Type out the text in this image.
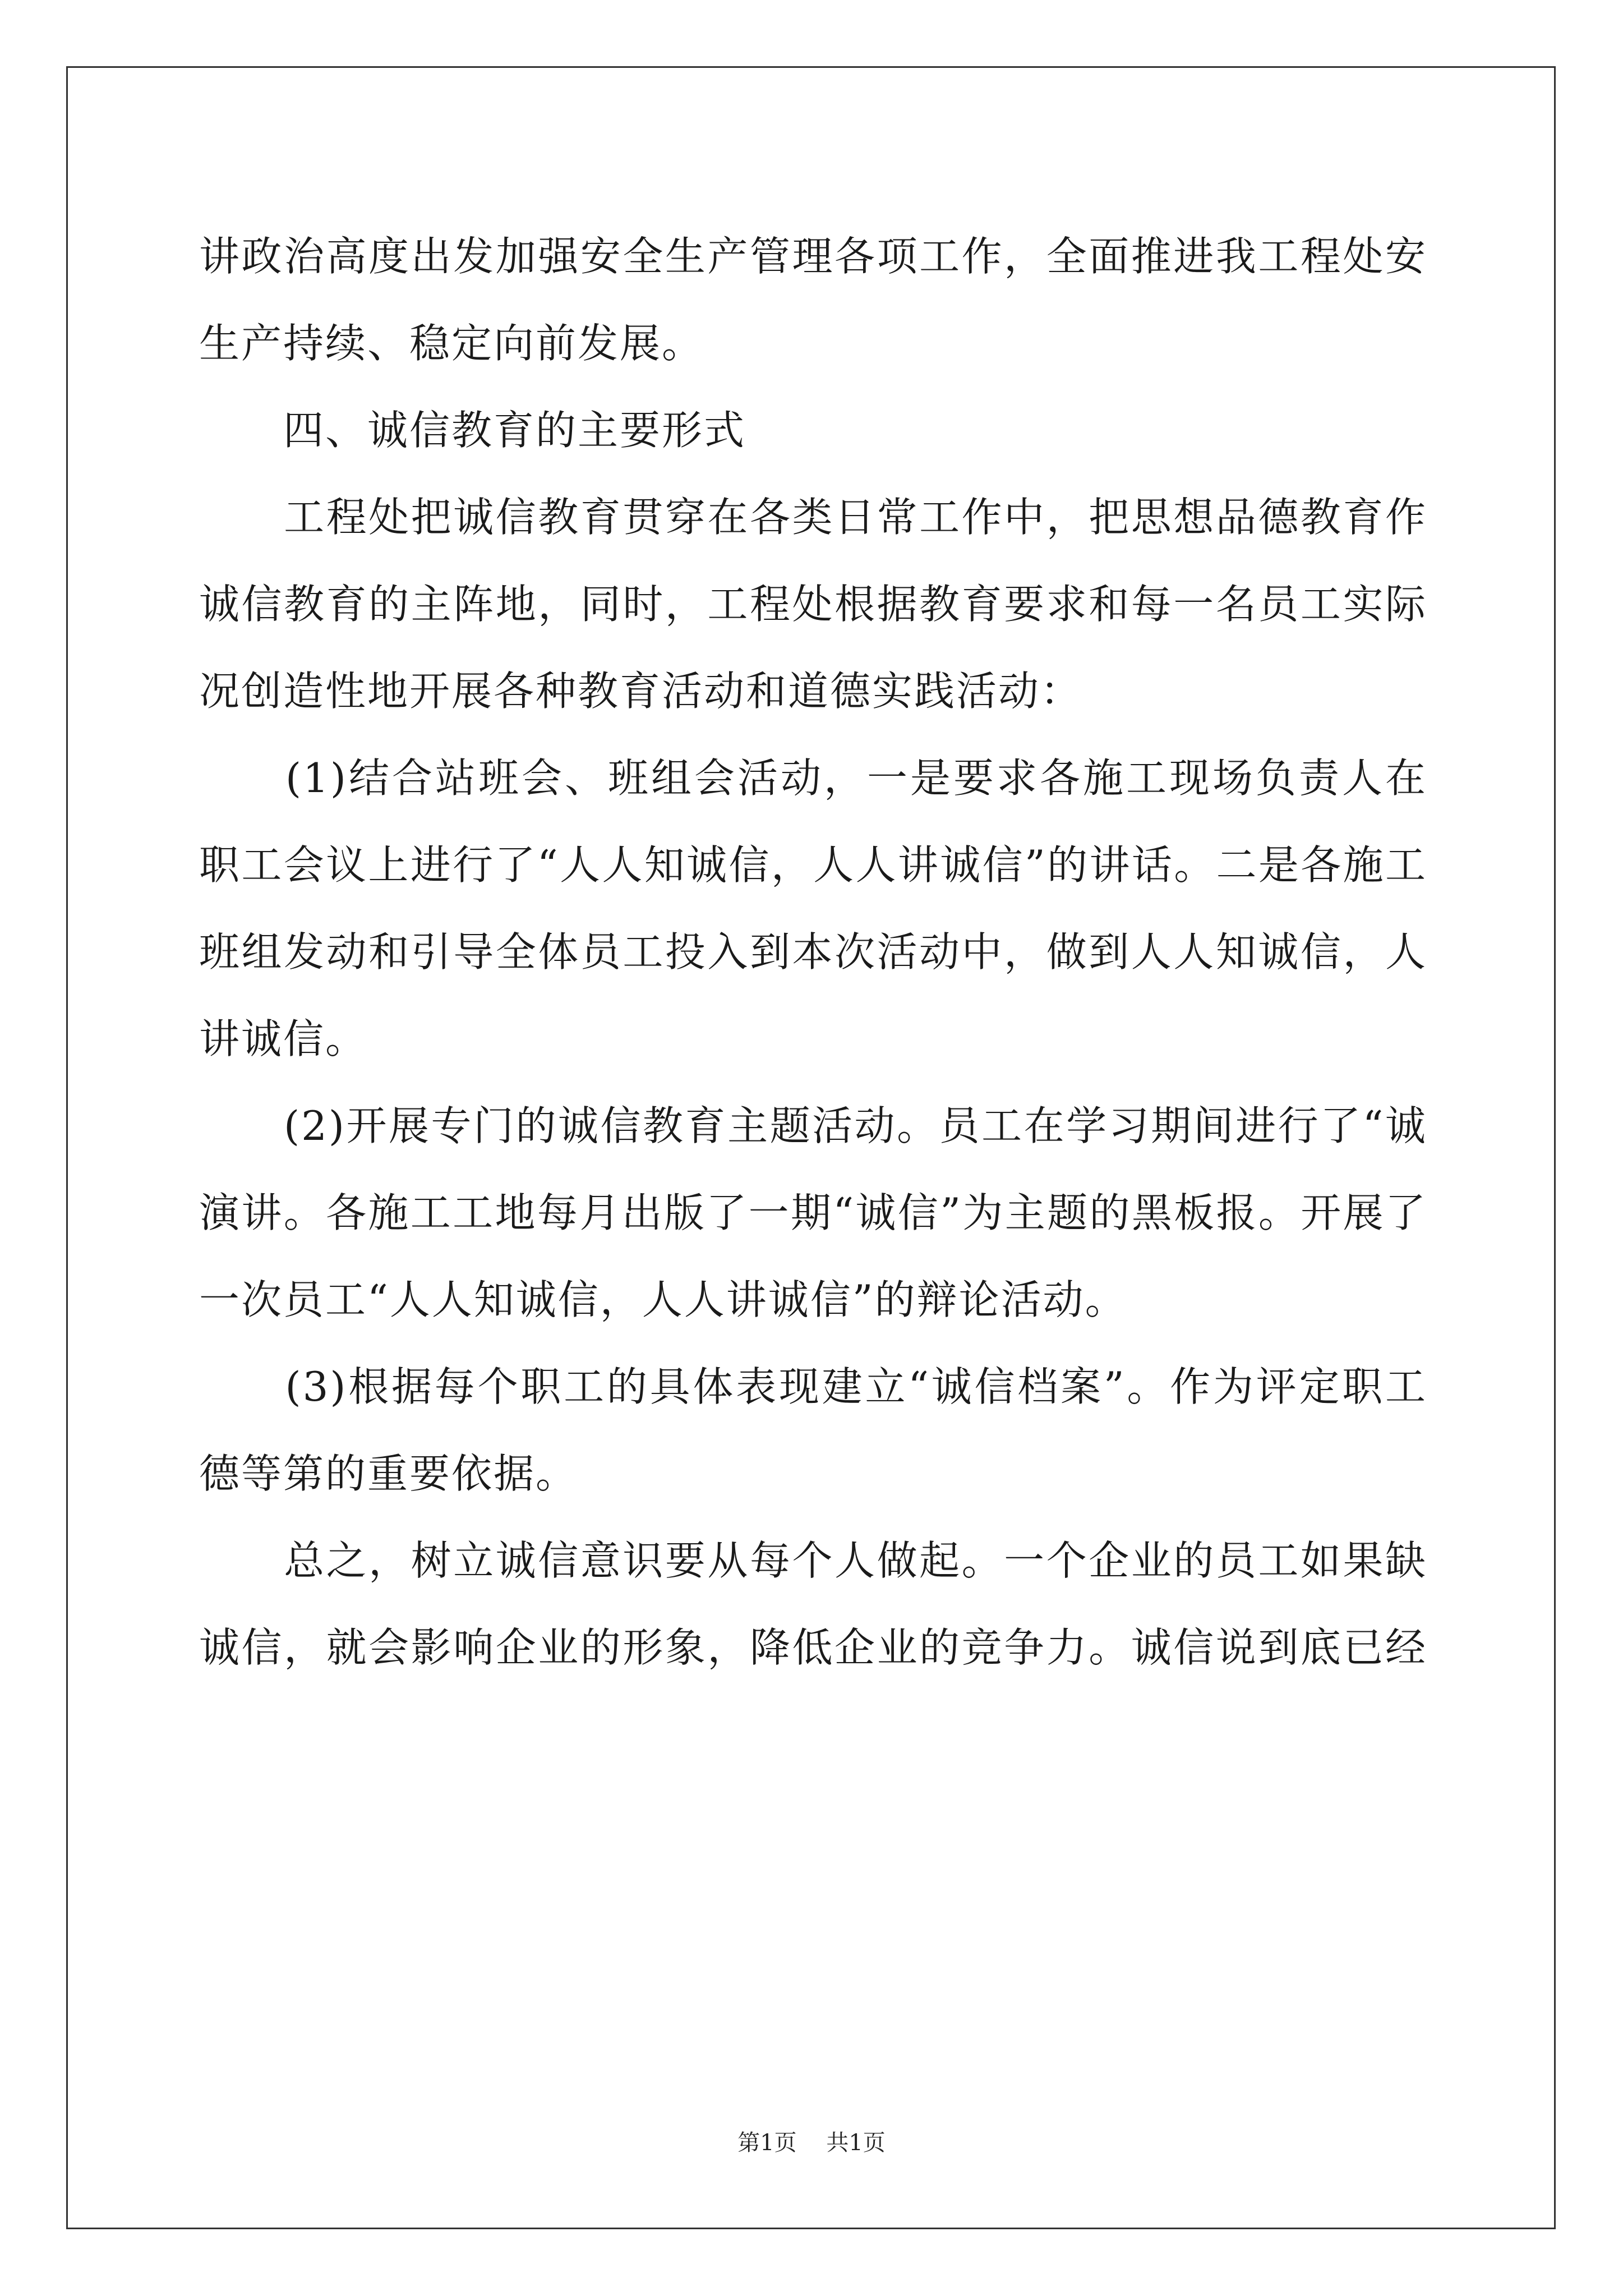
讲政治高度出发加强安全生产管理各项工作，全面推进我工程处安
生产持续、稳定向前发展。
　　四、诚信教育的主要形式
　　工程处把诚信教育贯穿在各类日常工作中，把思想品德教育作
诚信教育的主阵地，同时，工程处根据教育要求和每一名员工实际
况创造性地开展各种教育活动和道德实践活动：
　　(1)结合站班会、班组会活动，一是要求各施工现场负责人在
职工会议上进行了“人人知诚信，人人讲诚信”的讲话。二是各施工
班组发动和引导全体员工投入到本次活动中，做到人人知诚信，人
讲诚信。
　　(2)开展专门的诚信教育主题活动。员工在学习期间进行了“诚
演讲。各施工工地每月出版了一期“诚信”为主题的黑板报。开展了
一次员工“人人知诚信，人人讲诚信”的辩论活动。
　　(3)根据每个职工的具体表现建立“诚信档案”。作为评定职工
德等第的重要依据。
　　总之，树立诚信意识要从每个人做起。一个企业的员工如果缺
诚信，就会影响企业的形象，降低企业的竞争力。诚信说到底已经
第1页 共1页
